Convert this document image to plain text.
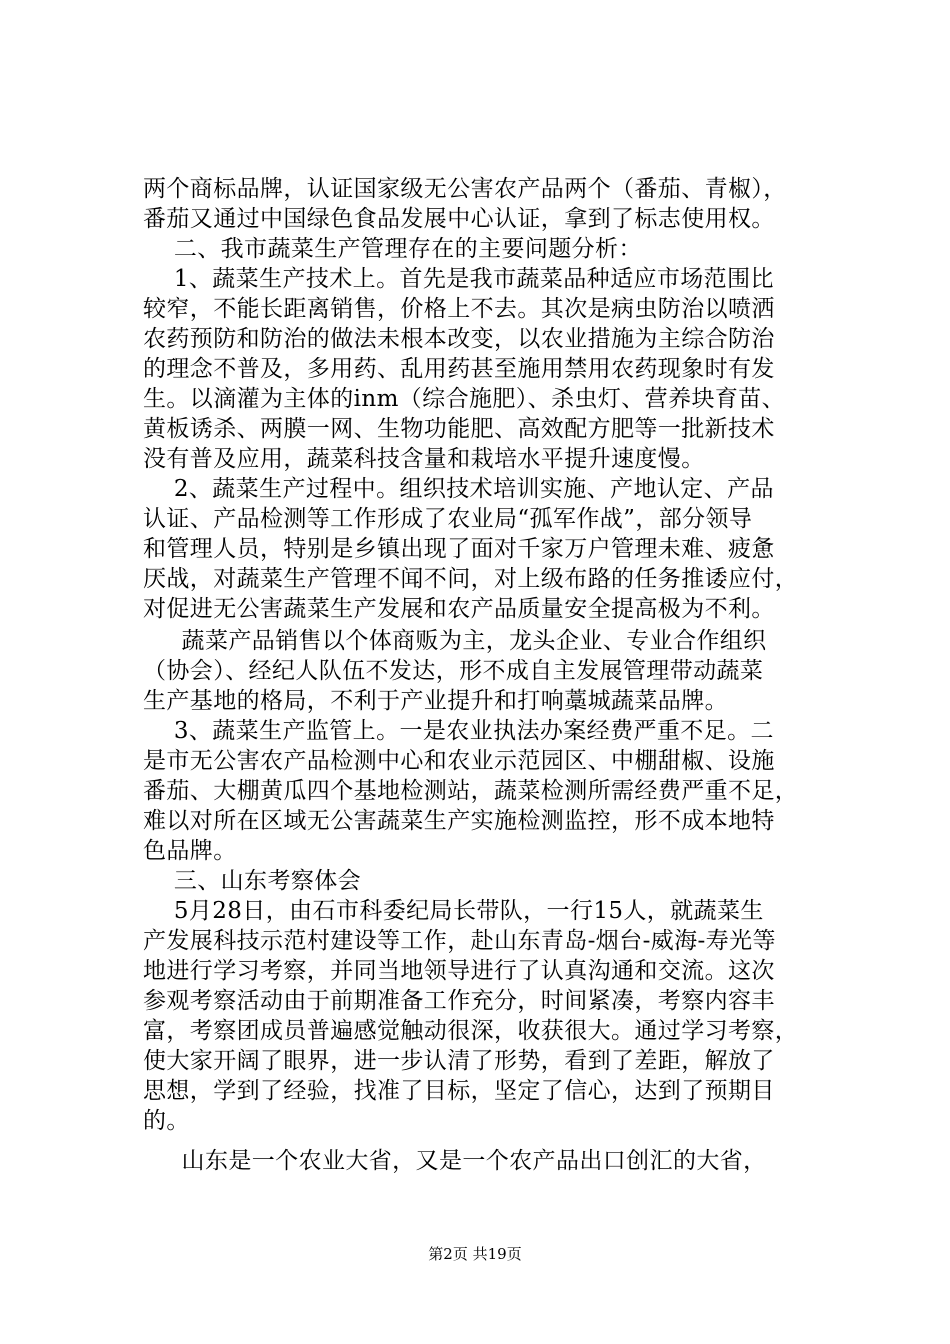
两个商标品牌，认证国家级无公害农产品两个（番茄、青椒），
番茄又通过中国绿色食品发展中心认证，拿到了标志使用权。
二、我市蔬菜生产管理存在的主要问题分析：
1、蔬菜生产技术上。首先是我市蔬菜品种适应市场范围比
较窄，不能长距离销售，价格上不去。其次是病虫防治以喷洒
农药预防和防治的做法未根本改变，以农业措施为主综合防治
的理念不普及，多用药、乱用药甚至施用禁用农药现象时有发
生。以滴灌为主体的inm（综合施肥）、杀虫灯、营养块育苗、
黄板诱杀、两膜一网、生物功能肥、高效配方肥等一批新技术
没有普及应用，蔬菜科技含量和栽培水平提升速度慢。
2、蔬菜生产过程中。组织技术培训实施、产地认定、产品
认证、产品检测等工作形成了农业局“孤军作战”，部分领导
和管理人员，特别是乡镇出现了面对千家万户管理未难、疲惫
厌战，对蔬菜生产管理不闻不问，对上级布路的任务推诿应付，
对促进无公害蔬菜生产发展和农产品质量安全提高极为不利。
蔬菜产品销售以个体商贩为主，龙头企业、专业合作组织
（协会）、经纪人队伍不发达，形不成自主发展管理带动蔬菜
生产基地的格局，不利于产业提升和打响藁城蔬菜品牌。
3、蔬菜生产监管上。一是农业执法办案经费严重不足。二
是市无公害农产品检测中心和农业示范园区、中棚甜椒、设施
番茄、大棚黄瓜四个基地检测站，蔬菜检测所需经费严重不足，
难以对所在区域无公害蔬菜生产实施检测监控，形不成本地特
色品牌。
三、山东考察体会
5月28日，由石市科委纪局长带队，一行15人，就蔬菜生
产发展科技示范村建设等工作，赴山东青岛-烟台-威海-寿光等
地进行学习考察，并同当地领导进行了认真沟通和交流。这次
参观考察活动由于前期准备工作充分，时间紧凑，考察内容丰
富，考察团成员普遍感觉触动很深，收获很大。通过学习考察，
使大家开阔了眼界，进一步认清了形势，看到了差距，解放了
思想，学到了经验，找准了目标，坚定了信心，达到了预期目
的。
山东是一个农业大省，又是一个农产品出口创汇的大省，
第2页 共19页
